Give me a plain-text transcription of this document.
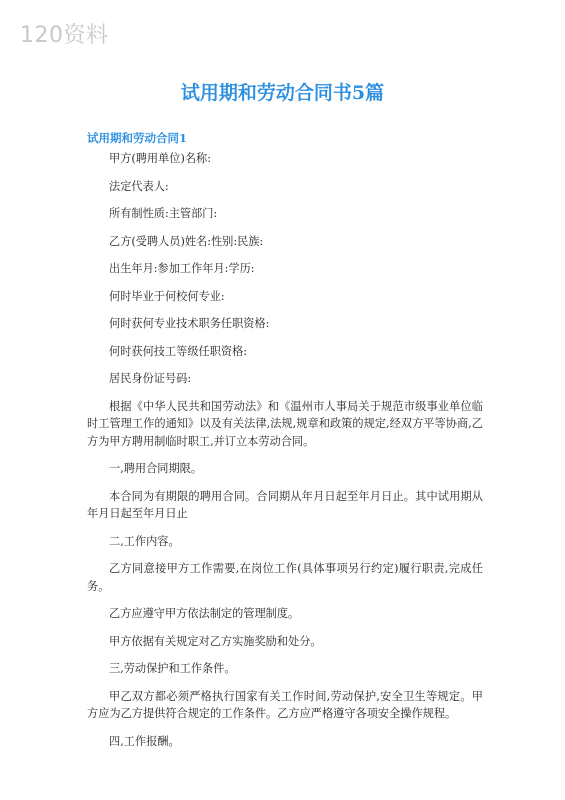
120资料
试用期和劳动合同书5篇
试用期和劳动合同1

甲方(聘用单位)名称:

法定代表人:

所有制性质:主管部门:

乙方(受聘人员)姓名:性别:民族:

出生年月:参加工作年月:学历:

何时毕业于何校何专业:

何时获何专业技术职务任职资格:

何时获何技工等级任职资格:

居民身份证号码:

根据《中华人民共和国劳动法》和《温州市人事局关于规范市级事业单位临时工管理工作的通知》以及有关法律,法规,规章和政策的规定,经双方平等协商,乙方为甲方聘用制临时职工,并订立本劳动合同。

一,聘用合同期限。

本合同为有期限的聘用合同。合同期从年月日起至年月日止。其中试用期从年月日起至年月日止

二,工作内容。

乙方同意接甲方工作需要,在岗位工作(具体事项另行约定)履行职责,完成任务。

乙方应遵守甲方依法制定的管理制度。

甲方依据有关规定对乙方实施奖励和处分。

三,劳动保护和工作条件。

甲乙双方都必须严格执行国家有关工作时间,劳动保护,安全卫生等规定。甲方应为乙方提供符合规定的工作条件。乙方应严格遵守各项安全操作规程。

四,工作报酬。
